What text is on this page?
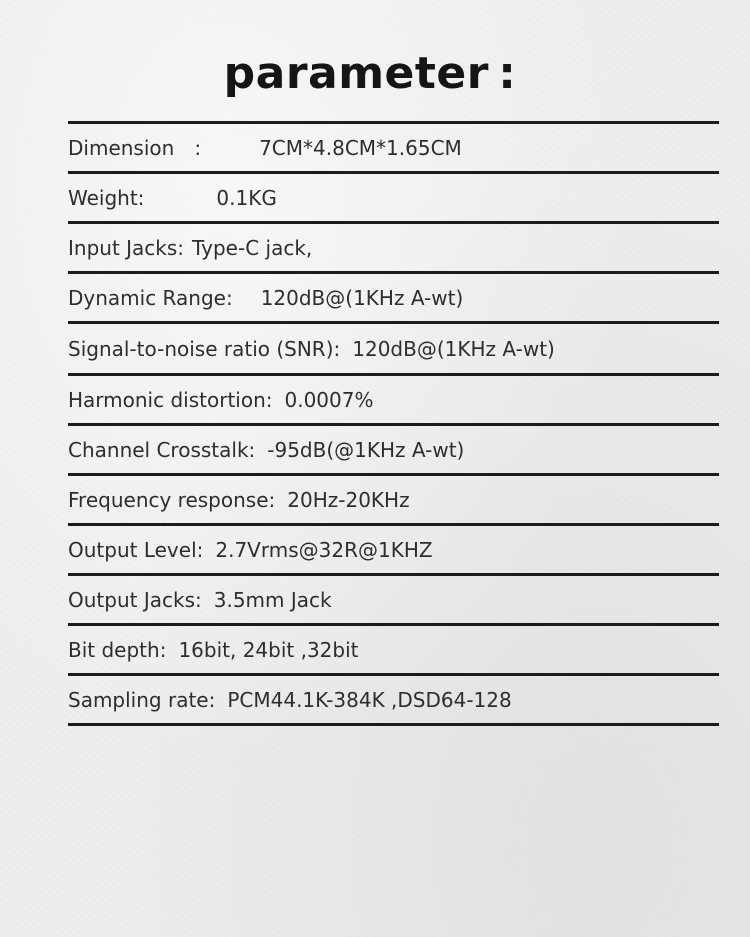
parameter :
Dimension :	7CM*4.8CM*1.65CM
Weight:	0.1KG
Input Jacks: Type-C jack,
Dynamic Range: 120dB@(1KHz A-wt)
Signal-to-noise ratio (SNR): 120dB@(1KHz A-wt)
Harmonic distortion: 0.0007%
Channel Crosstalk: -95dB(@1KHz A-wt)
Frequency response: 20Hz-20KHz
Output Level: 2.7Vrms@32R@1KHZ
Output Jacks: 3.5mm Jack
Bit depth: 16bit, 24bit ,32bit
Sampling rate: PCM44.1K-384K ,DSD64-128
